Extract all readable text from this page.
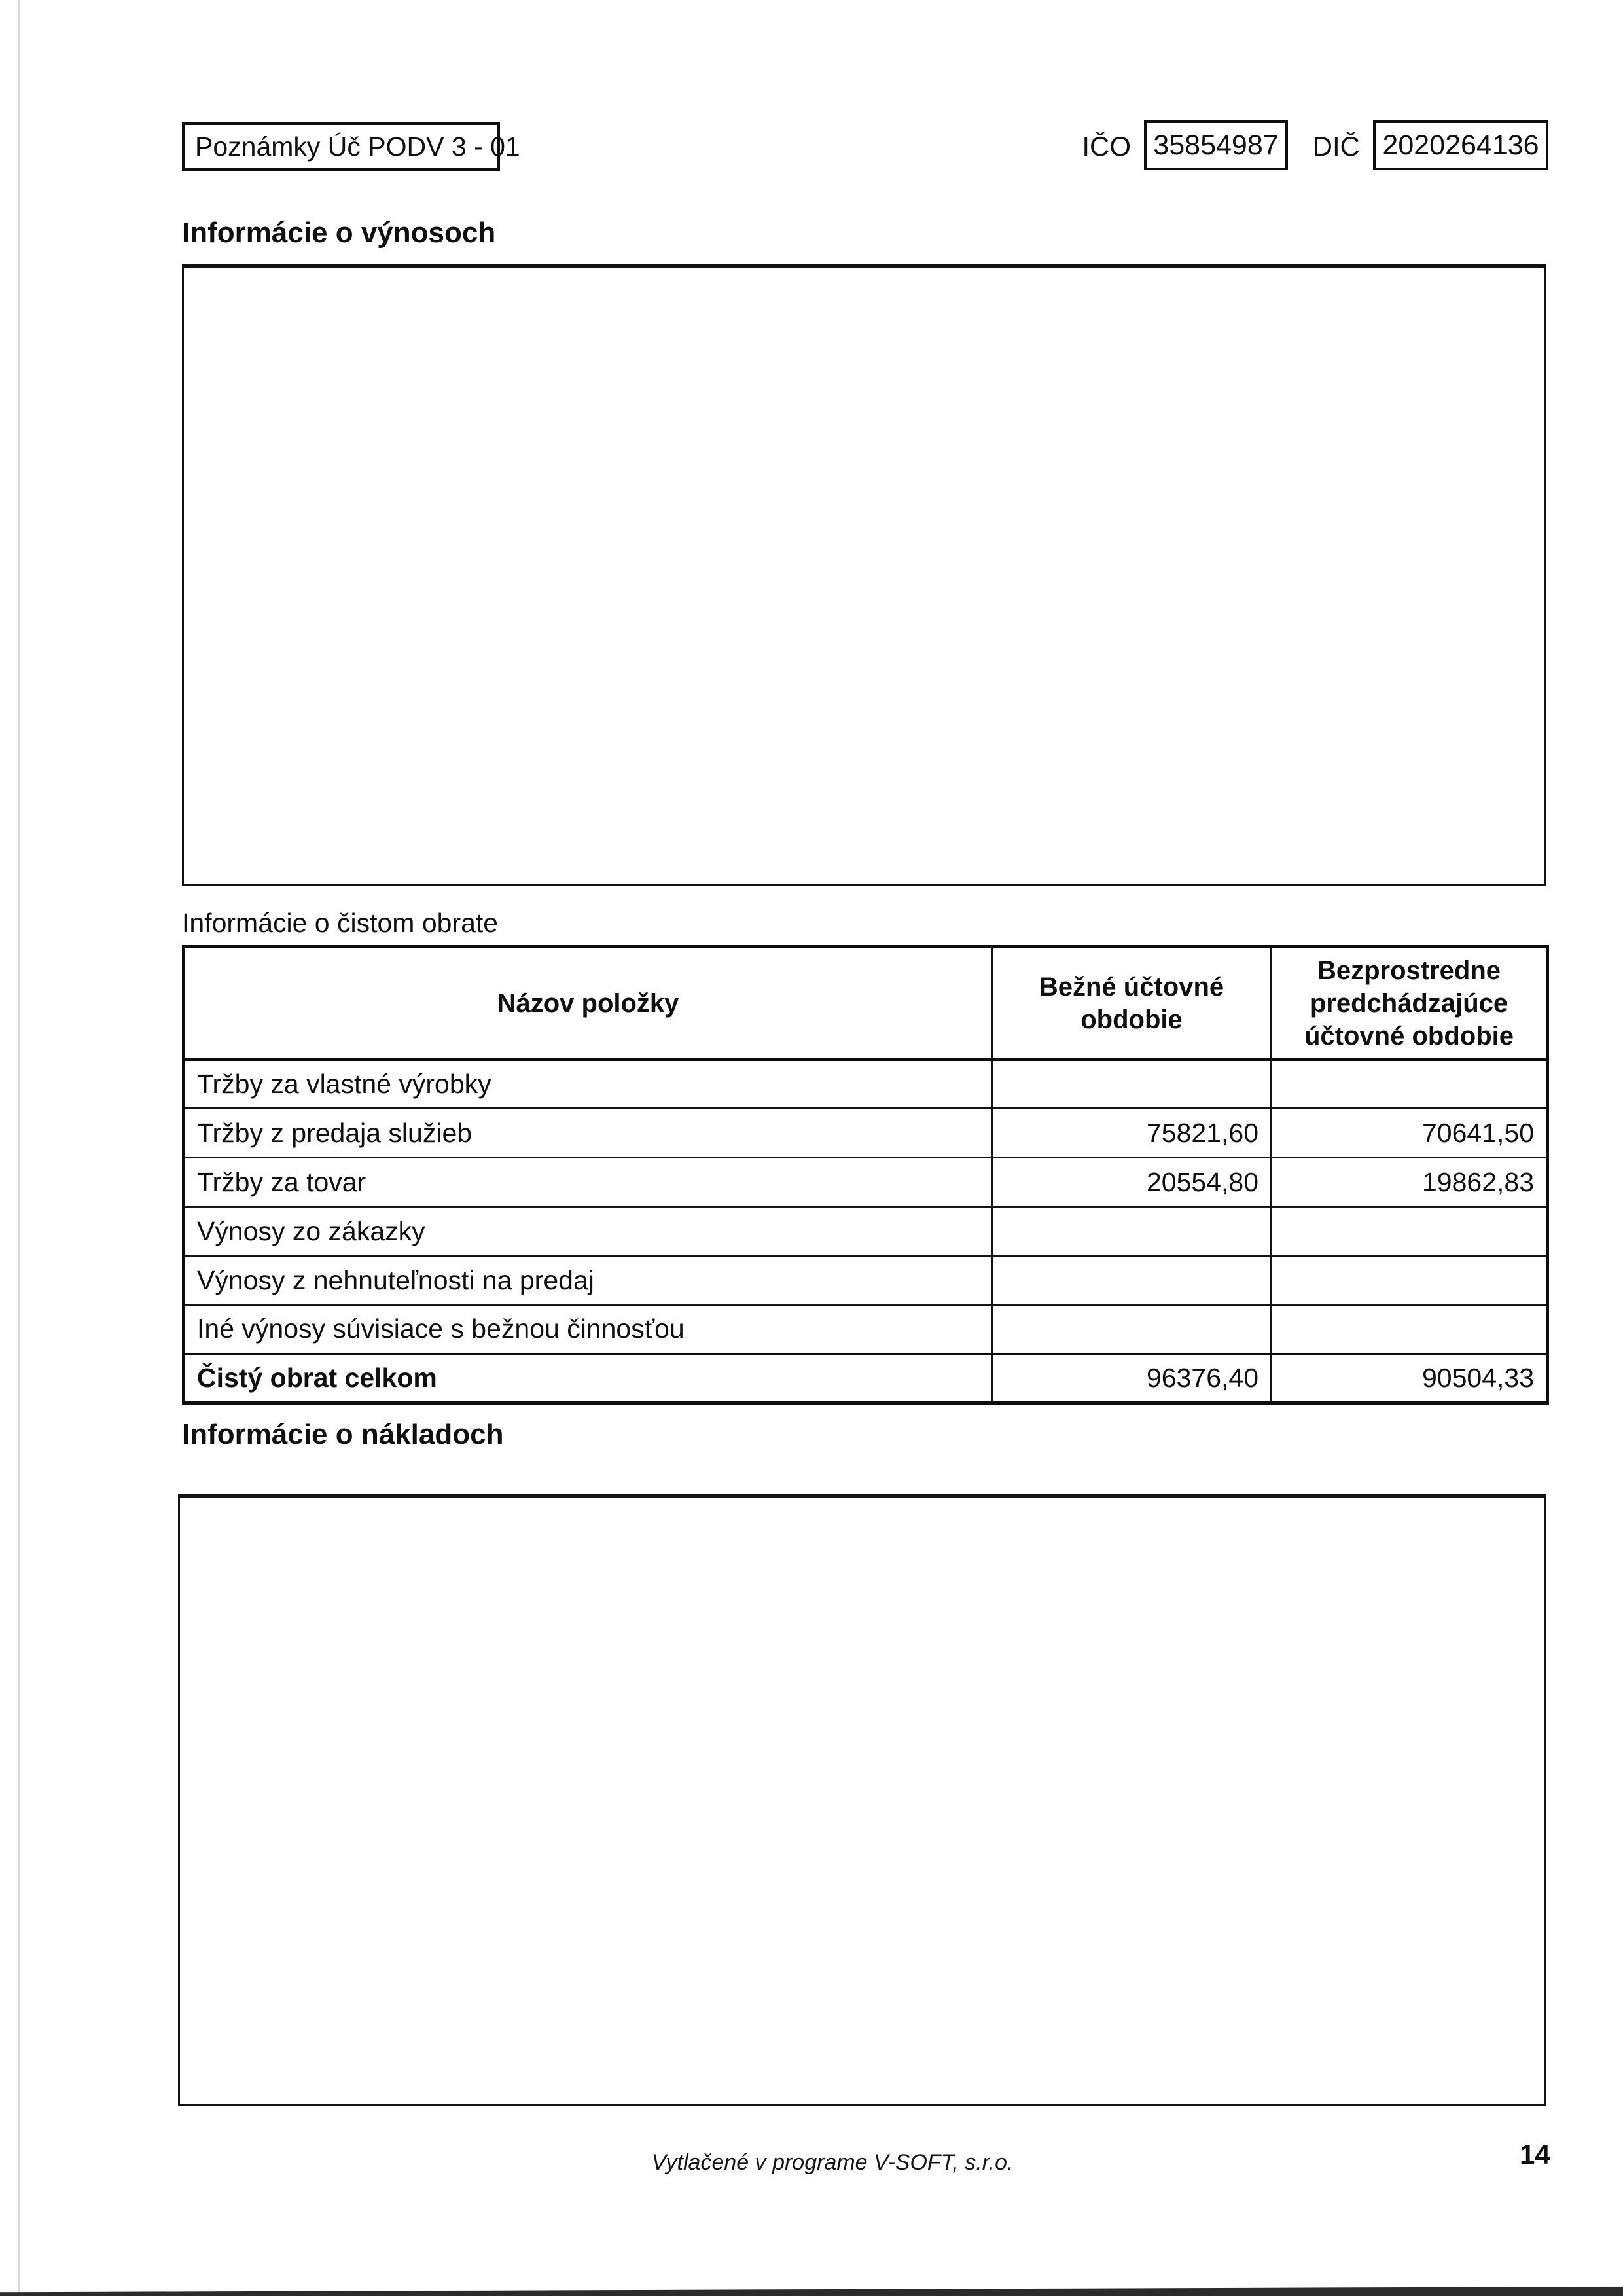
Poznámky Úč PODV 3 - 01	IČO 35854987	DIČ 2020264136
Informácie o výnosoch
Informácie o čistom obrate
Názov položky	Bežné účtovné obdobie	Bezprostredne predchádzajúce účtovné obdobie
Tržby za vlastné výrobky		
Tržby z predaja služieb	75821,60	70641,50
Tržby za tovar	20554,80	19862,83
Výnosy zo zákazky		
Výnosy z nehnuteľnosti na predaj		
Iné výnosy súvisiace s bežnou činnosťou		
Čistý obrat celkom	96376,40	90504,33
Informácie o nákladoch
Vytlačené v programe V-SOFT, s.r.o.	14
